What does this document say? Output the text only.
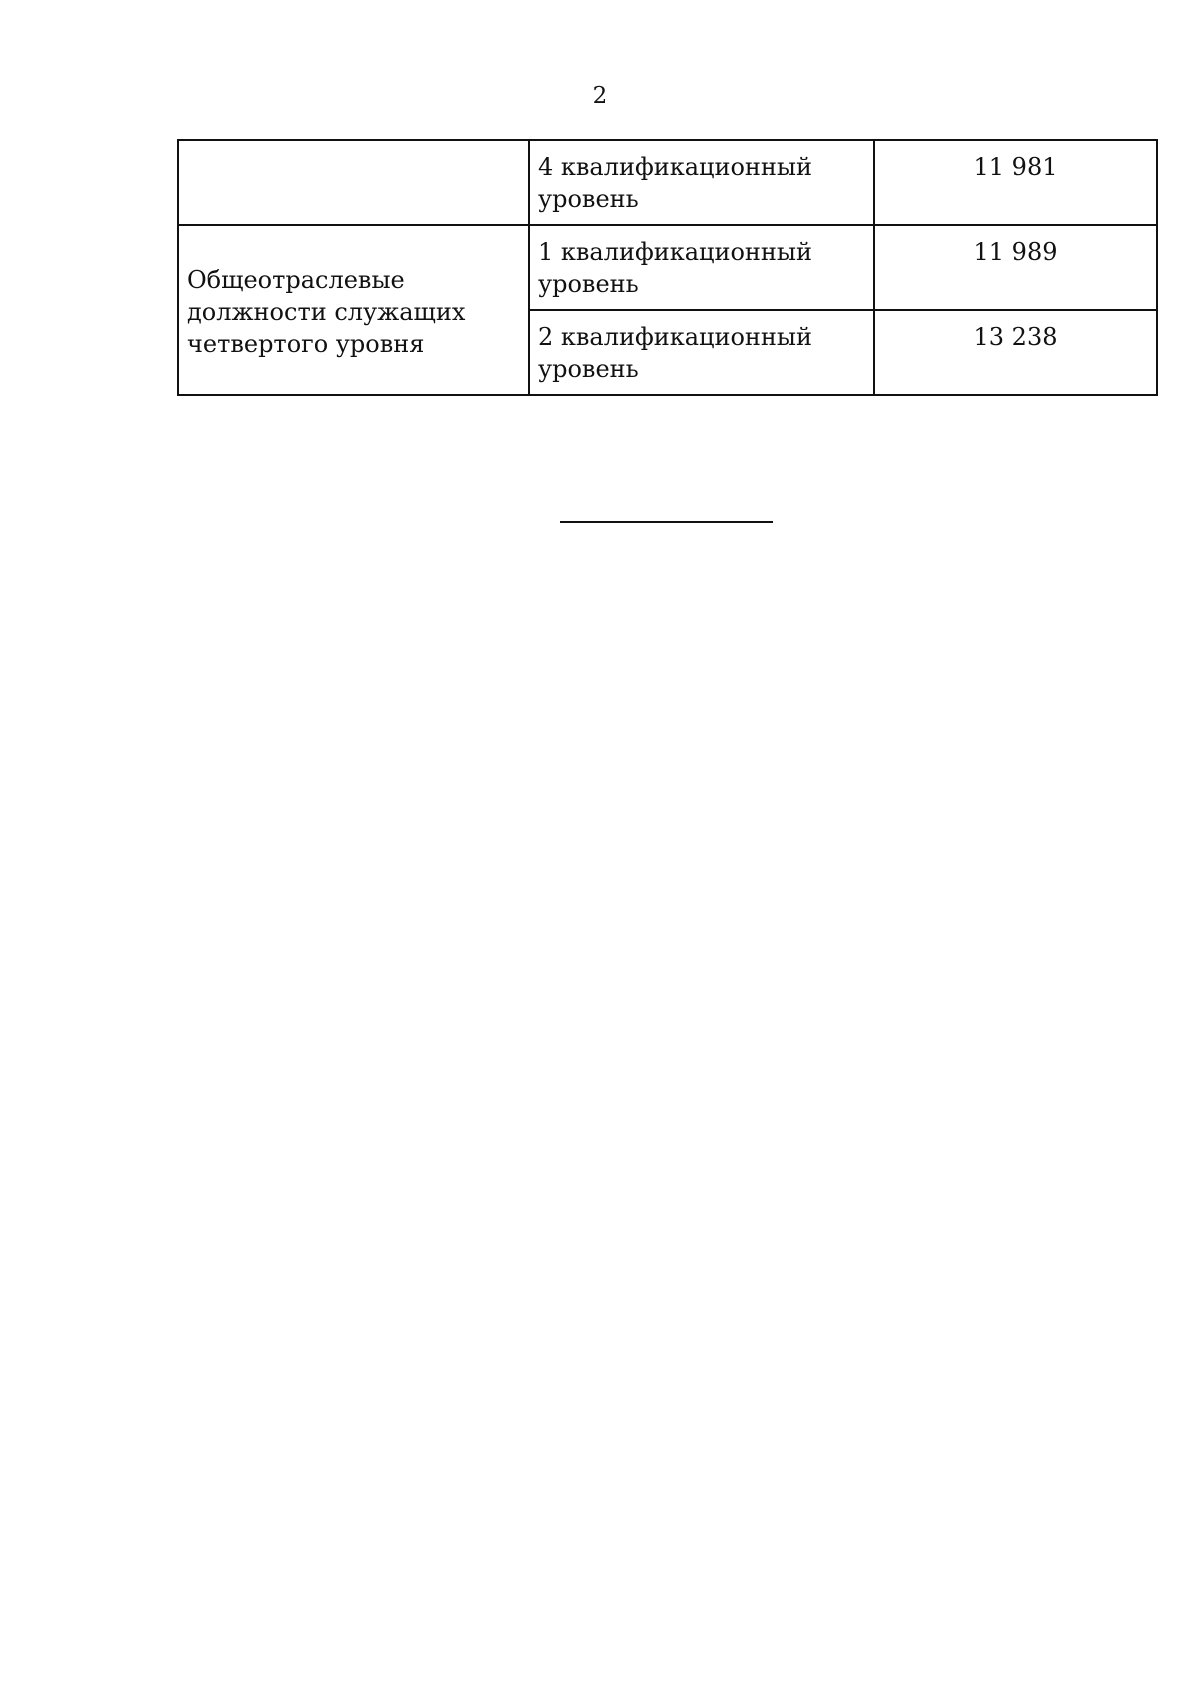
2
	4 квалификационный уровень	11 981
Общеотраслевые должности служащих четвертого уровня	1 квалификационный уровень	11 989
	2 квалификационный уровень	13 238
